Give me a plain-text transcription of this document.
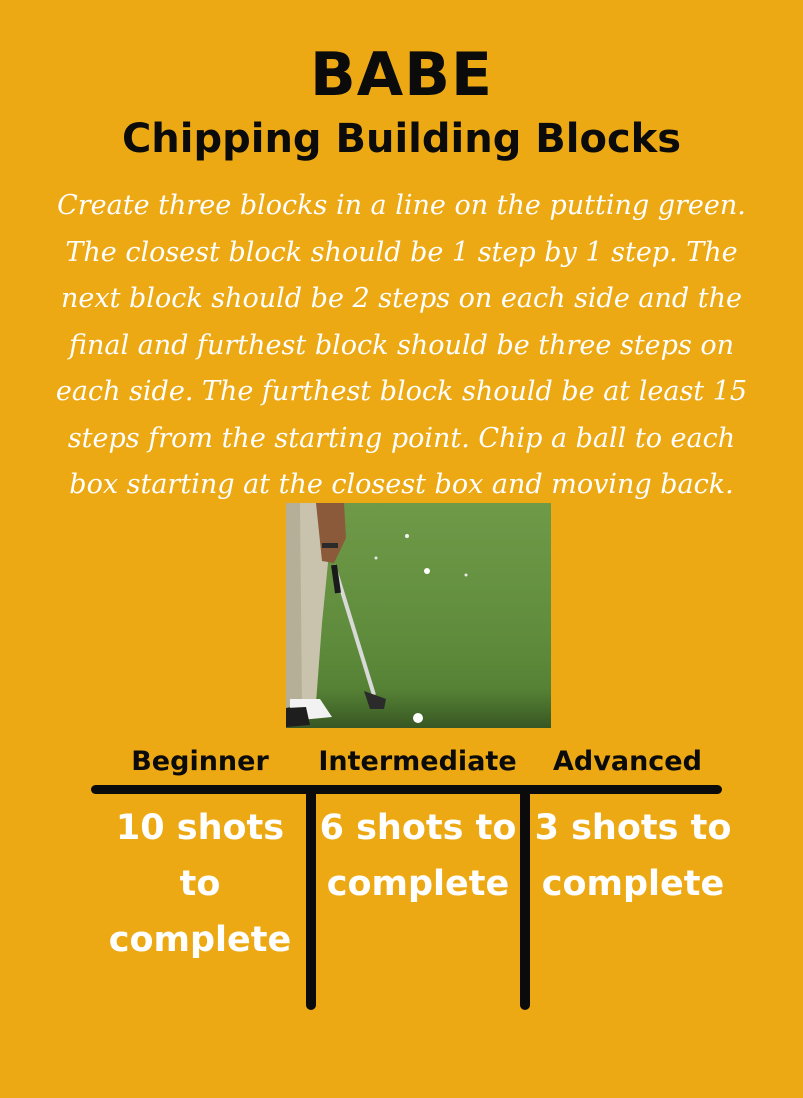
BABE
Chipping Building Blocks
Create three blocks in a line on the putting green. The closest block should be 1 step by 1 step. The next block should be 2 steps on each side and the final and furthest block should be three steps on each side. The furthest block should be at least 15 steps from the starting point. Chip a ball to each box starting at the closest box and moving back.
Beginner	Intermediate	Advanced
10 shots to complete
6 shots to complete
3 shots to complete
